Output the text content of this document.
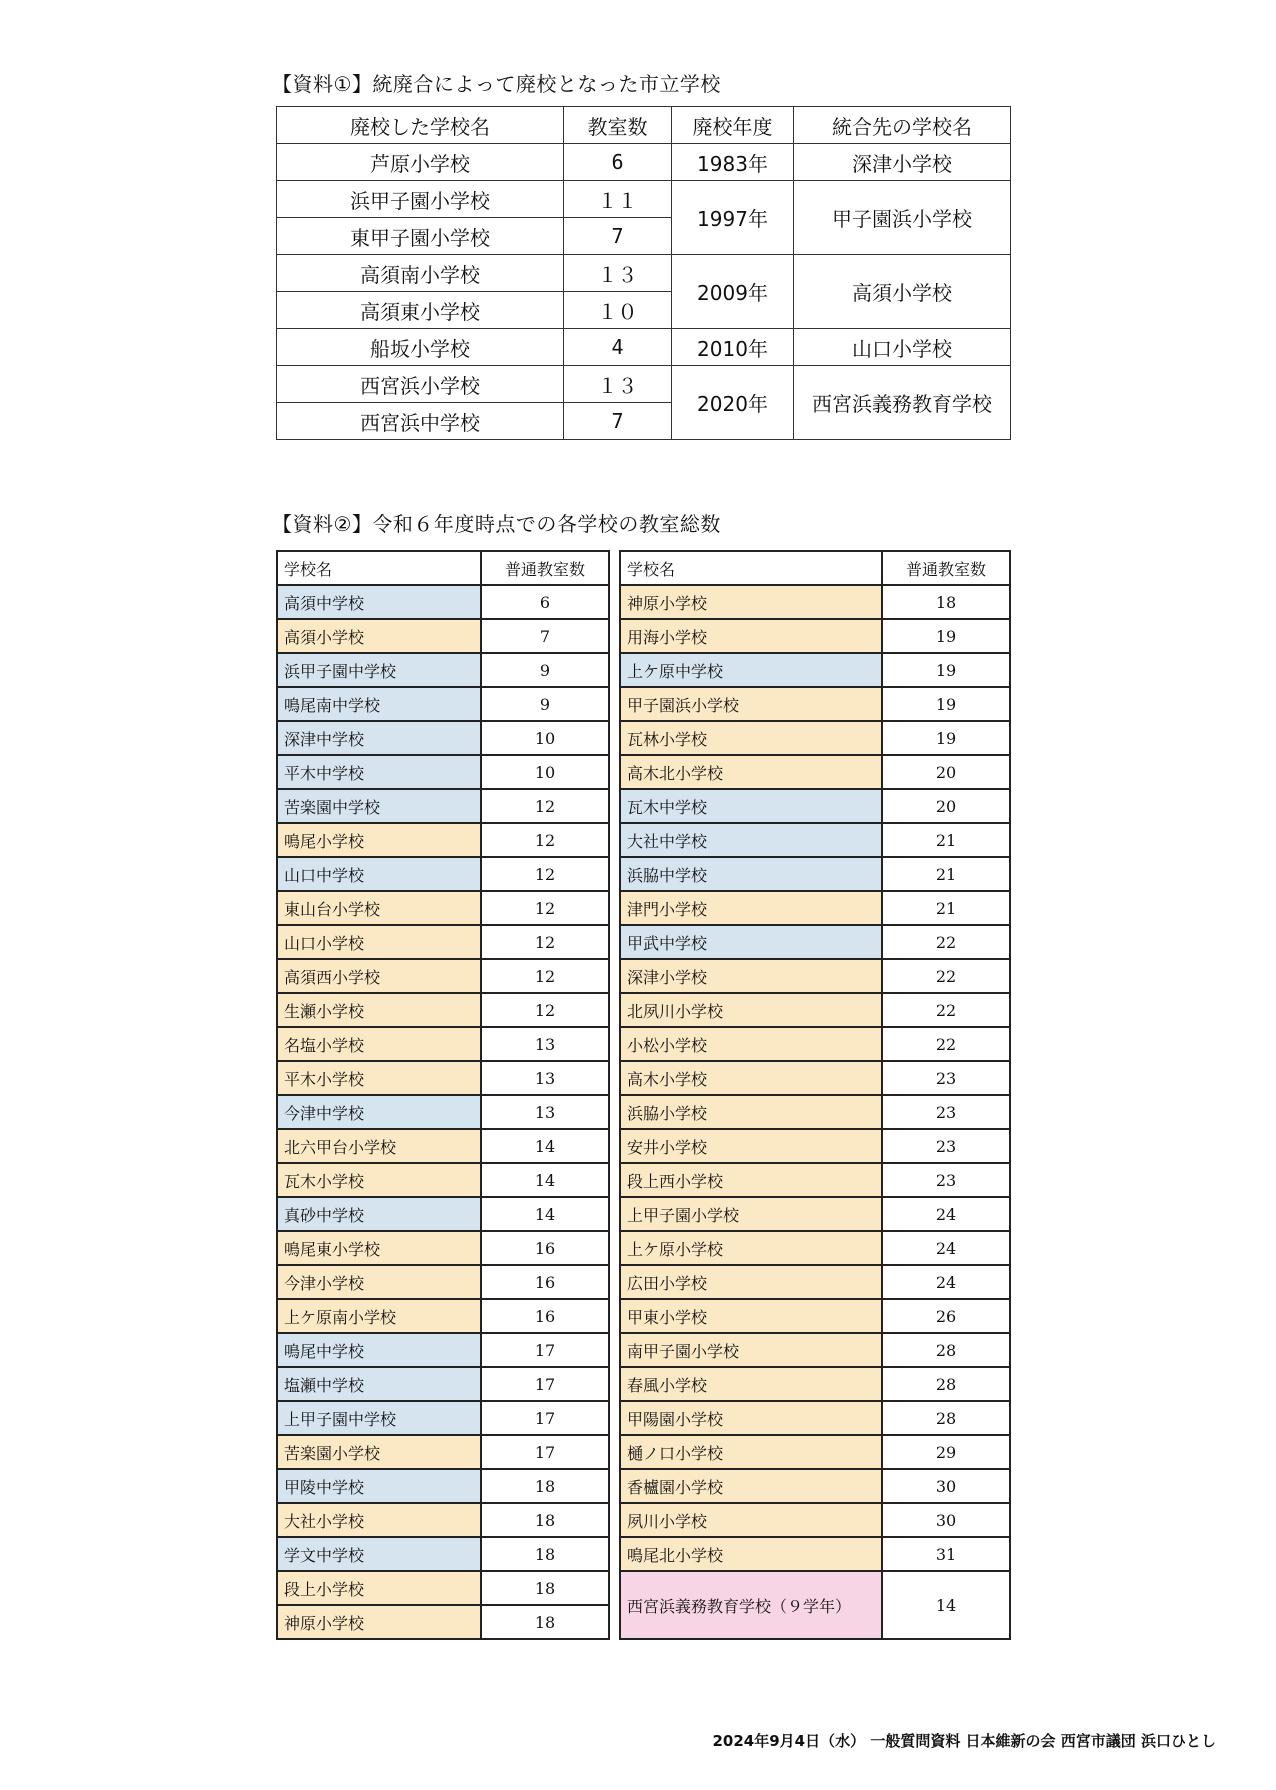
【資料①】統廃合によって廃校となった市立学校
廃校した学校名	教室数	廃校年度	統合先の学校名
芦原小学校	6	1983年	深津小学校
浜甲子園小学校	１１	1997年	甲子園浜小学校
東甲子園小学校	7		
高須南小学校	１３	2009年	高須小学校
高須東小学校	１０		
船坂小学校	4	2010年	山口小学校
西宮浜小学校	１３	2020年	西宮浜義務教育学校
西宮浜中学校	7		
【資料②】令和６年度時点での各学校の教室総数
学校名	普通教室数
高須中学校	6
高須小学校	7
浜甲子園中学校	9
鳴尾南中学校	9
深津中学校	10
平木中学校	10
苦楽園中学校	12
鳴尾小学校	12
山口中学校	12
東山台小学校	12
山口小学校	12
高須西小学校	12
生瀬小学校	12
名塩小学校	13
平木小学校	13
今津中学校	13
北六甲台小学校	14
瓦木小学校	14
真砂中学校	14
鳴尾東小学校	16
今津小学校	16
上ケ原南小学校	16
鳴尾中学校	17
塩瀬中学校	17
上甲子園中学校	17
苦楽園小学校	17
甲陵中学校	18
大社小学校	18
学文中学校	18
段上小学校	18
神原小学校	18
学校名	普通教室数
神原小学校	18
用海小学校	19
上ケ原中学校	19
甲子園浜小学校	19
瓦林小学校	19
高木北小学校	20
瓦木中学校	20
大社中学校	21
浜脇中学校	21
津門小学校	21
甲武中学校	22
深津小学校	22
北夙川小学校	22
小松小学校	22
高木小学校	23
浜脇小学校	23
安井小学校	23
段上西小学校	23
上甲子園小学校	24
上ケ原小学校	24
広田小学校	24
甲東小学校	26
南甲子園小学校	28
春風小学校	28
甲陽園小学校	28
樋ノ口小学校	29
香櫨園小学校	30
夙川小学校	30
鳴尾北小学校	31
西宮浜義務教育学校（９学年）	14
2024年9月4日（水） 一般質問資料 日本維新の会 西宮市議団 浜口ひとし
